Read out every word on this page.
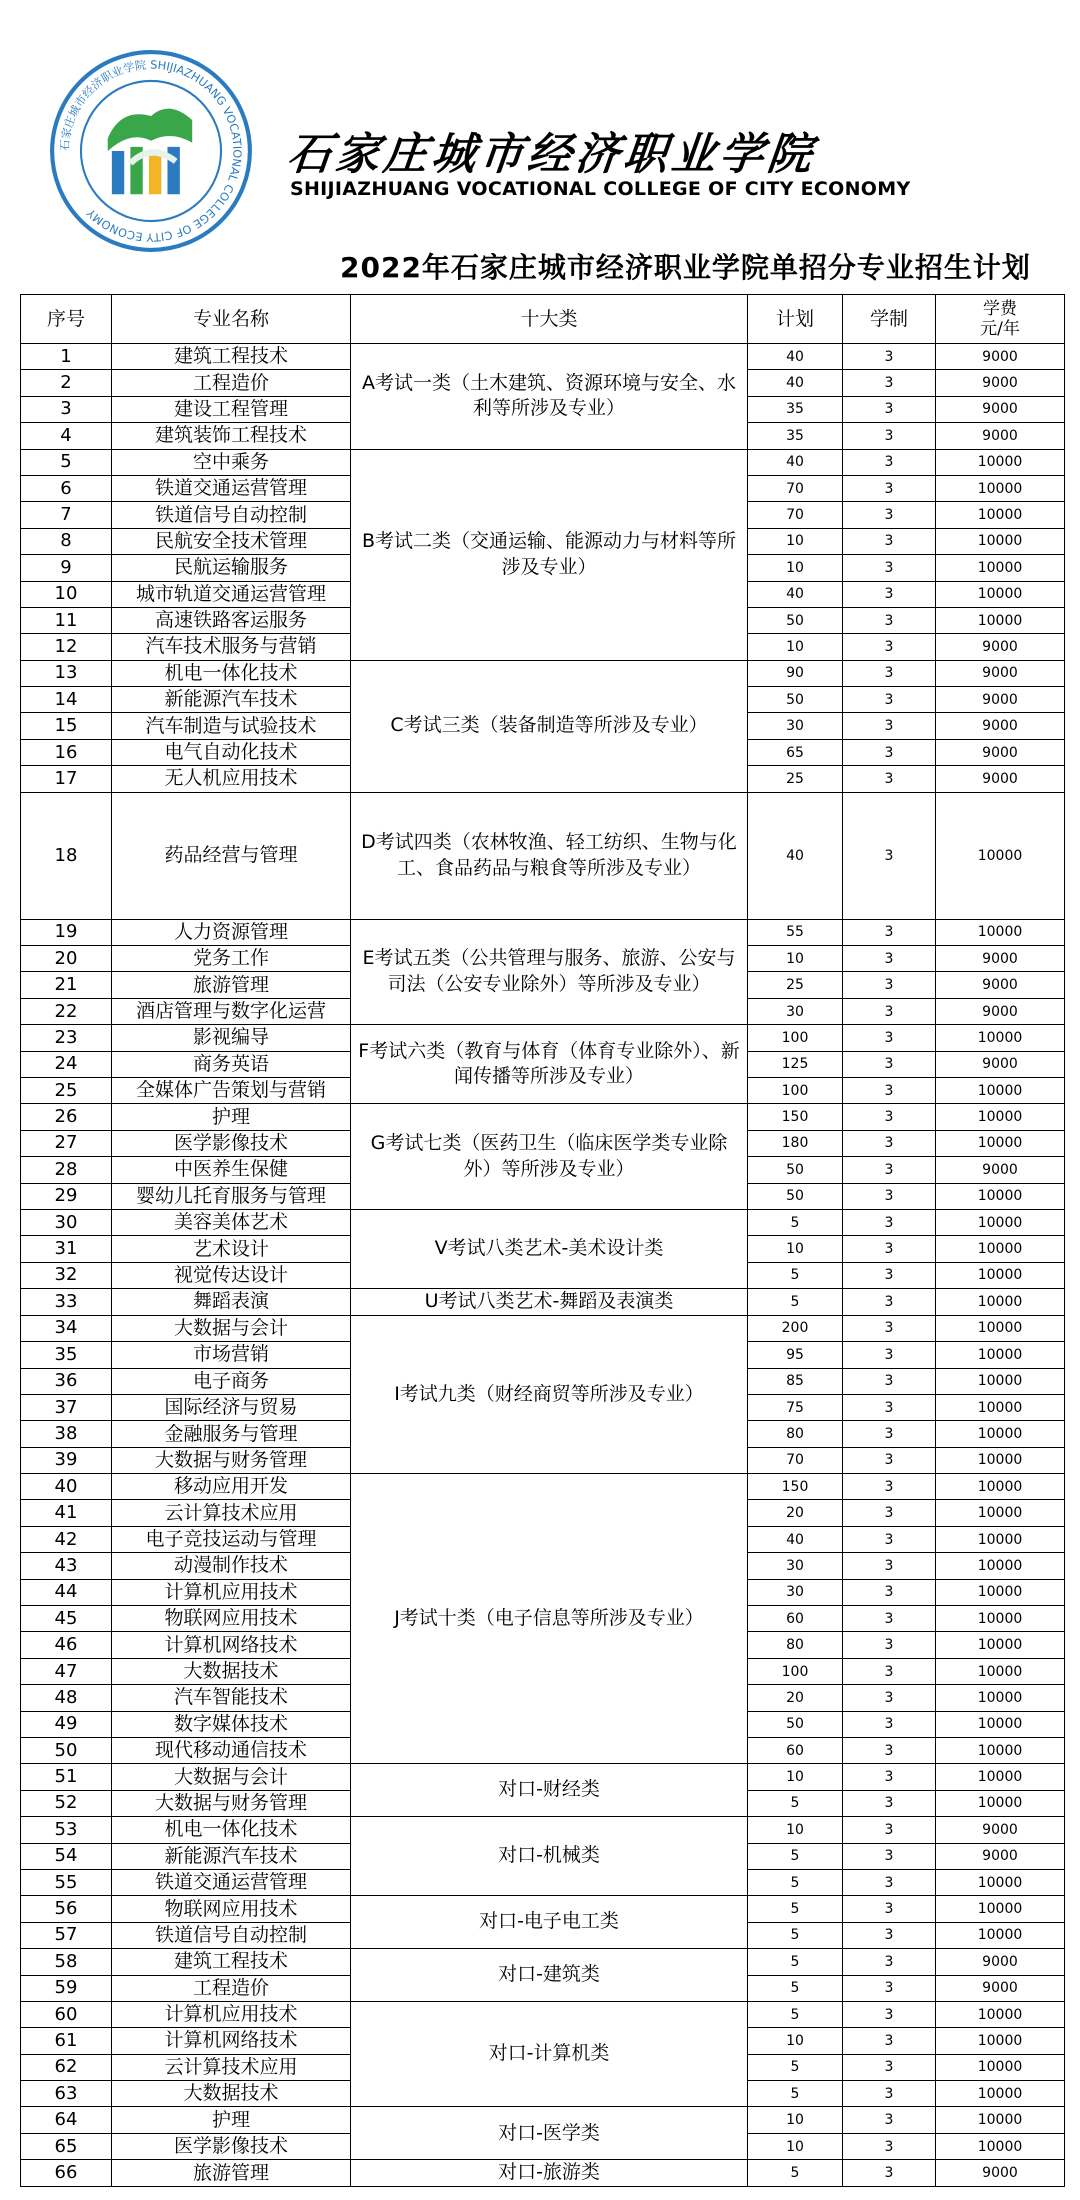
石家庄城市经济职业学院 SHIJIAZHUANG VOCATIONAL COLLEGE OF CITY ECONOMY
石家庄城市经济职业学院
SHIJIAZHUANG VOCATIONAL COLLEGE OF CITY ECONOMY
2022年石家庄城市经济职业学院单招分专业招生计划
序号	专业名称	十大类	计划	学制	学费
元/年
1	建筑工程技术	A考试一类（土木建筑、资源环境与安全、水利等所涉及专业）	40	3	9000
2	工程造价		40	3	9000
3	建设工程管理		35	3	9000
4	建筑装饰工程技术		35	3	9000
5	空中乘务	B考试二类（交通运输、能源动力与材料等所涉及专业）	40	3	10000
6	铁道交通运营管理		70	3	10000
7	铁道信号自动控制		70	3	10000
8	民航安全技术管理		10	3	10000
9	民航运输服务		10	3	10000
10	城市轨道交通运营管理		40	3	10000
11	高速铁路客运服务		50	3	10000
12	汽车技术服务与营销		10	3	9000
13	机电一体化技术	C考试三类（装备制造等所涉及专业）	90	3	9000
14	新能源汽车技术		50	3	9000
15	汽车制造与试验技术		30	3	9000
16	电气自动化技术		65	3	9000
17	无人机应用技术		25	3	9000
18	药品经营与管理	D考试四类（农林牧渔、轻工纺织、生物与化工、食品药品与粮食等所涉及专业）	40	3	10000
19	人力资源管理	E考试五类（公共管理与服务、旅游、公安与司法（公安专业除外）等所涉及专业）	55	3	10000
20	党务工作		10	3	9000
21	旅游管理		25	3	9000
22	酒店管理与数字化运营		30	3	9000
23	影视编导	F考试六类（教育与体育（体育专业除外）、新闻传播等所涉及专业）	100	3	10000
24	商务英语		125	3	9000
25	全媒体广告策划与营销		100	3	10000
26	护理	G考试七类（医药卫生（临床医学类专业除外）等所涉及专业）	150	3	10000
27	医学影像技术		180	3	10000
28	中医养生保健		50	3	9000
29	婴幼儿托育服务与管理		50	3	10000
30	美容美体艺术	V考试八类艺术-美术设计类	5	3	10000
31	艺术设计		10	3	10000
32	视觉传达设计		5	3	10000
33	舞蹈表演	U考试八类艺术-舞蹈及表演类	5	3	10000
34	大数据与会计	I考试九类（财经商贸等所涉及专业）	200	3	10000
35	市场营销		95	3	10000
36	电子商务		85	3	10000
37	国际经济与贸易		75	3	10000
38	金融服务与管理		80	3	10000
39	大数据与财务管理		70	3	10000
40	移动应用开发	J考试十类（电子信息等所涉及专业）	150	3	10000
41	云计算技术应用		20	3	10000
42	电子竞技运动与管理		40	3	10000
43	动漫制作技术		30	3	10000
44	计算机应用技术		30	3	10000
45	物联网应用技术		60	3	10000
46	计算机网络技术		80	3	10000
47	大数据技术		100	3	10000
48	汽车智能技术		20	3	10000
49	数字媒体技术		50	3	10000
50	现代移动通信技术		60	3	10000
51	大数据与会计	对口-财经类	10	3	10000
52	大数据与财务管理		5	3	10000
53	机电一体化技术	对口-机械类	10	3	9000
54	新能源汽车技术		5	3	9000
55	铁道交通运营管理		5	3	10000
56	物联网应用技术	对口-电子电工类	5	3	10000
57	铁道信号自动控制		5	3	10000
58	建筑工程技术	对口-建筑类	5	3	9000
59	工程造价		5	3	9000
60	计算机应用技术	对口-计算机类	5	3	10000
61	计算机网络技术		10	3	10000
62	云计算技术应用		5	3	10000
63	大数据技术		5	3	10000
64	护理	对口-医学类	10	3	10000
65	医学影像技术		10	3	10000
66	旅游管理	对口-旅游类	5	3	9000
